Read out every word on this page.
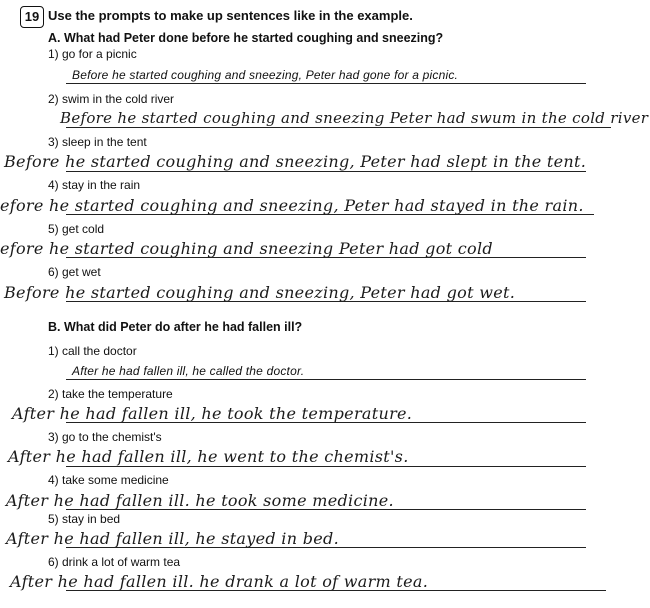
19 Use the prompts to make up sentences like in the example.
A. What had Peter done before he started coughing and sneezing?
1) go for a picnic
Before he started coughing and sneezing, Peter had gone for a picnic.
2) swim in the cold river
Before he started coughing and sneezing Peter had swum in the cold river
3) sleep in the tent
Before he started coughing and sneezing, Peter had slept in the tent.
4) stay in the rain
efore he started coughing and sneezing, Peter had stayed in the rain.
5) get cold
efore he started coughing and sneezing Peter had got cold
6) get wet
Before he started coughing and sneezing, Peter had got wet.
B. What did Peter do after he had fallen ill?
1) call the doctor
After he had fallen ill, he called the doctor.
2) take the temperature
After he had fallen ill, he took the temperature.
3) go to the chemist's
After he had fallen ill, he went to the chemist's.
4) take some medicine
After he had fallen ill. he took some medicine.
5) stay in bed
After he had fallen ill, he stayed in bed.
6) drink a lot of warm tea
After he had fallen ill. he drank a lot of warm tea.
